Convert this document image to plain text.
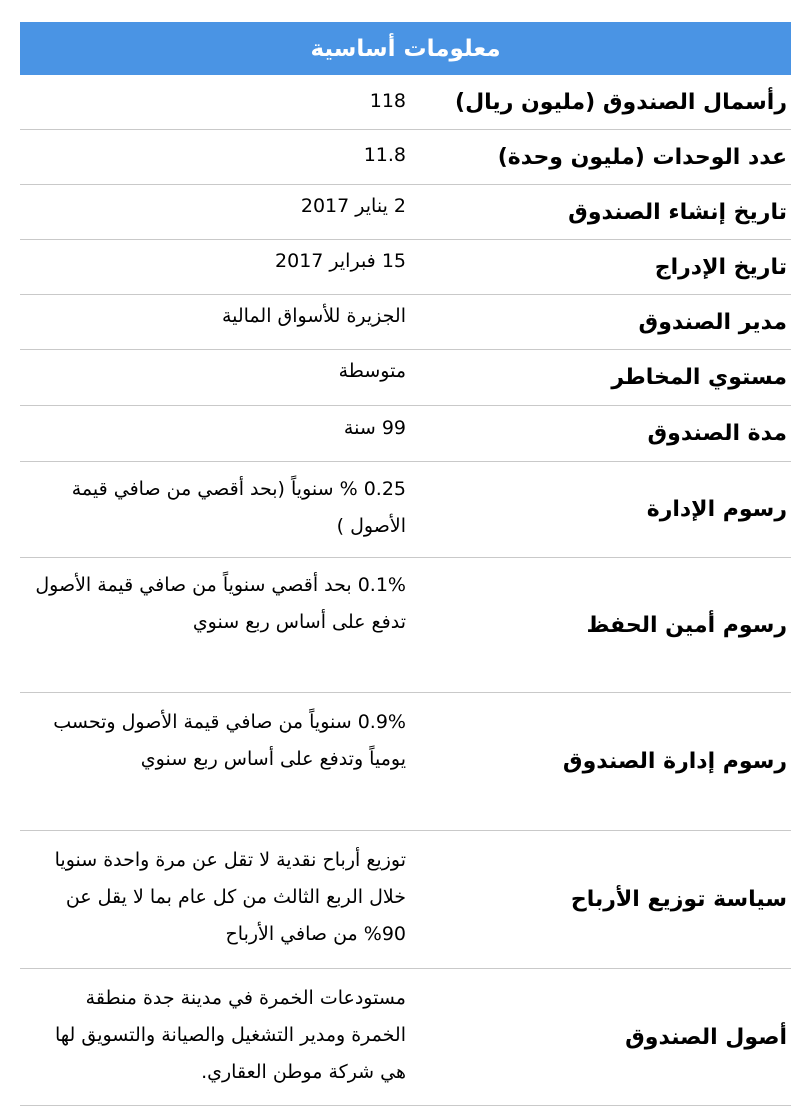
معلومات أساسية
رأسمال الصندوق (مليون ريال)
118
عدد الوحدات (مليون وحدة)
11.8
تاريخ إنشاء الصندوق
2 يناير 2017
تاريخ الإدراج
15 فبراير 2017
مدير الصندوق
الجزيرة للأسواق المالية
مستوي المخاطر
متوسطة
مدة الصندوق
99 سنة
رسوم الإدارة
0.25 % سنوياً (بحد أقصي من صافي قيمة الأصول )
رسوم أمين الحفظ
0.1% بحد أقصي سنوياً من صافي قيمة الأصول تدفع على أساس ربع سنوي
رسوم إدارة الصندوق
0.9% سنوياً من صافي قيمة الأصول وتحسب يومياً وتدفع على أساس ربع سنوي
سياسة توزيع الأرباح
توزيع أرباح نقدية لا تقل عن مرة واحدة سنويا خلال الربع الثالث من كل عام بما لا يقل عن 90% من صافي الأرباح
أصول الصندوق
مستودعات الخمرة في مدينة جدة منطقة الخمرة ومدير التشغيل والصيانة والتسويق لها هي شركة موطن العقاري.
